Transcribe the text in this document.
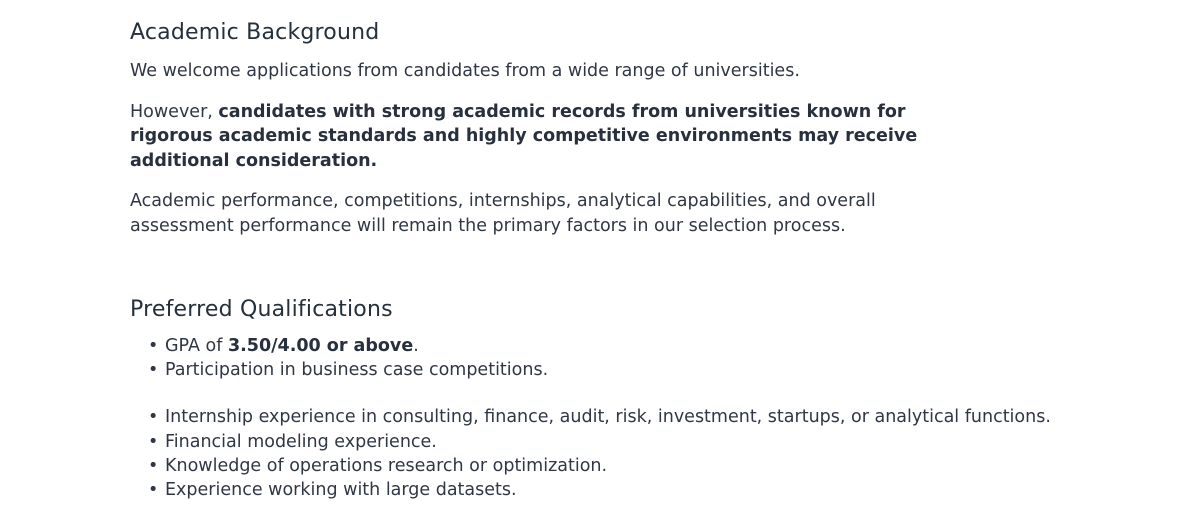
Academic Background

We welcome applications from candidates from a wide range of universities.

However, candidates with strong academic records from universities known for rigorous academic standards and highly competitive environments may receive additional consideration.

Academic performance, competitions, internships, analytical capabilities, and overall assessment performance will remain the primary factors in our selection process.

Preferred Qualifications
• GPA of 3.50/4.00 or above.
• Participation in business case competitions.
• Internship experience in consulting, finance, audit, risk, investment, startups, or analytical functions.
• Financial modeling experience.
• Knowledge of operations research or optimization.
• Experience working with large datasets.
